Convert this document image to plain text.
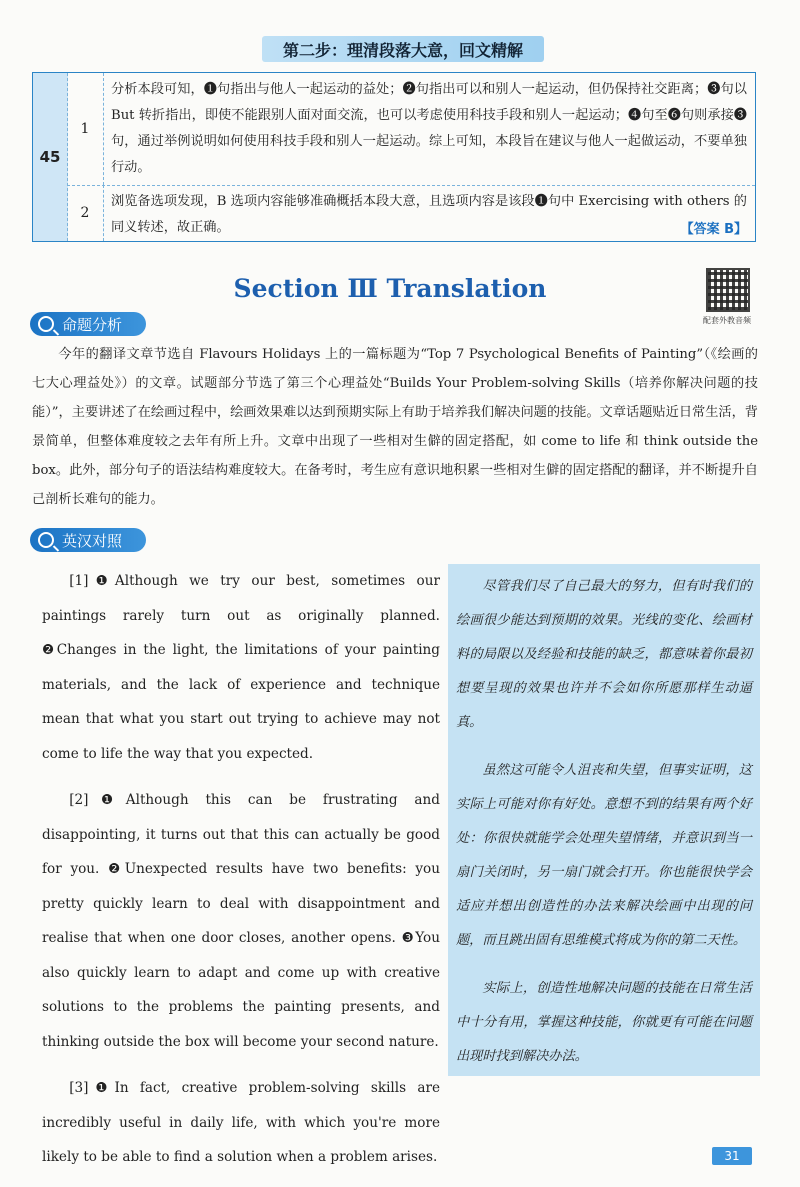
第二步：理清段落大意，回文精解
45
1
分析本段可知，❶句指出与他人一起运动的益处；❷句指出可以和别人一起运动，但仍保持社交距离；❸句以 But 转折指出，即使不能跟别人面对面交流，也可以考虑使用科技手段和别人一起运动；❹句至❻句则承接❸句，通过举例说明如何使用科技手段和别人一起运动。综上可知，本段旨在建议与他人一起做运动，不要单独行动。
2
浏览备选项发现，B 选项内容能够准确概括本段大意，且选项内容是该段❶句中 Exercising with others 的同义转述，故正确。	【答案 B】
Section Ⅲ Translation
配套外教音频
命题分析
今年的翻译文章节选自 Flavours Holidays 上的一篇标题为“Top 7 Psychological Benefits of Painting”（《绘画的七大心理益处》）的文章。试题部分节选了第三个心理益处“Builds Your Problem-solving Skills（培养你解决问题的技能）”，主要讲述了在绘画过程中，绘画效果难以达到预期实际上有助于培养我们解决问题的技能。文章话题贴近日常生活，背景简单，但整体难度较之去年有所上升。文章中出现了一些相对生僻的固定搭配，如 come to life 和 think outside the box。此外，部分句子的语法结构难度较大。在备考时，考生应有意识地积累一些相对生僻的固定搭配的翻译，并不断提升自己剖析长难句的能力。
英汉对照

[1]❶Although we try our best, sometimes our paintings rarely turn out as originally planned. ❷Changes in the light, the limitations of your painting materials, and the lack of experience and technique mean that what you start out trying to achieve may not come to life the way that you expected.

[2]❶Although this can be frustrating and disappointing, it turns out that this can actually be good for you. ❷Unexpected results have two benefits: you pretty quickly learn to deal with disappointment and realise that when one door closes, another opens. ❸You also quickly learn to adapt and come up with creative solutions to the problems the painting presents, and thinking outside the box will become your second nature.

[3]❶In fact, creative problem-solving skills are incredibly useful in daily life, with which you're more likely to be able to find a solution when a problem arises.

尽管我们尽了自己最大的努力，但有时我们的绘画很少能达到预期的效果。光线的变化、绘画材料的局限以及经验和技能的缺乏，都意味着你最初想要呈现的效果也许并不会如你所愿那样生动逼真。

虽然这可能令人沮丧和失望，但事实证明，这实际上可能对你有好处。意想不到的结果有两个好处：你很快就能学会处理失望情绪，并意识到当一扇门关闭时，另一扇门就会打开。你也能很快学会适应并想出创造性的办法来解决绘画中出现的问题，而且跳出固有思维模式将成为你的第二天性。

实际上，创造性地解决问题的技能在日常生活中十分有用，掌握这种技能，你就更有可能在问题出现时找到解决办法。

31
